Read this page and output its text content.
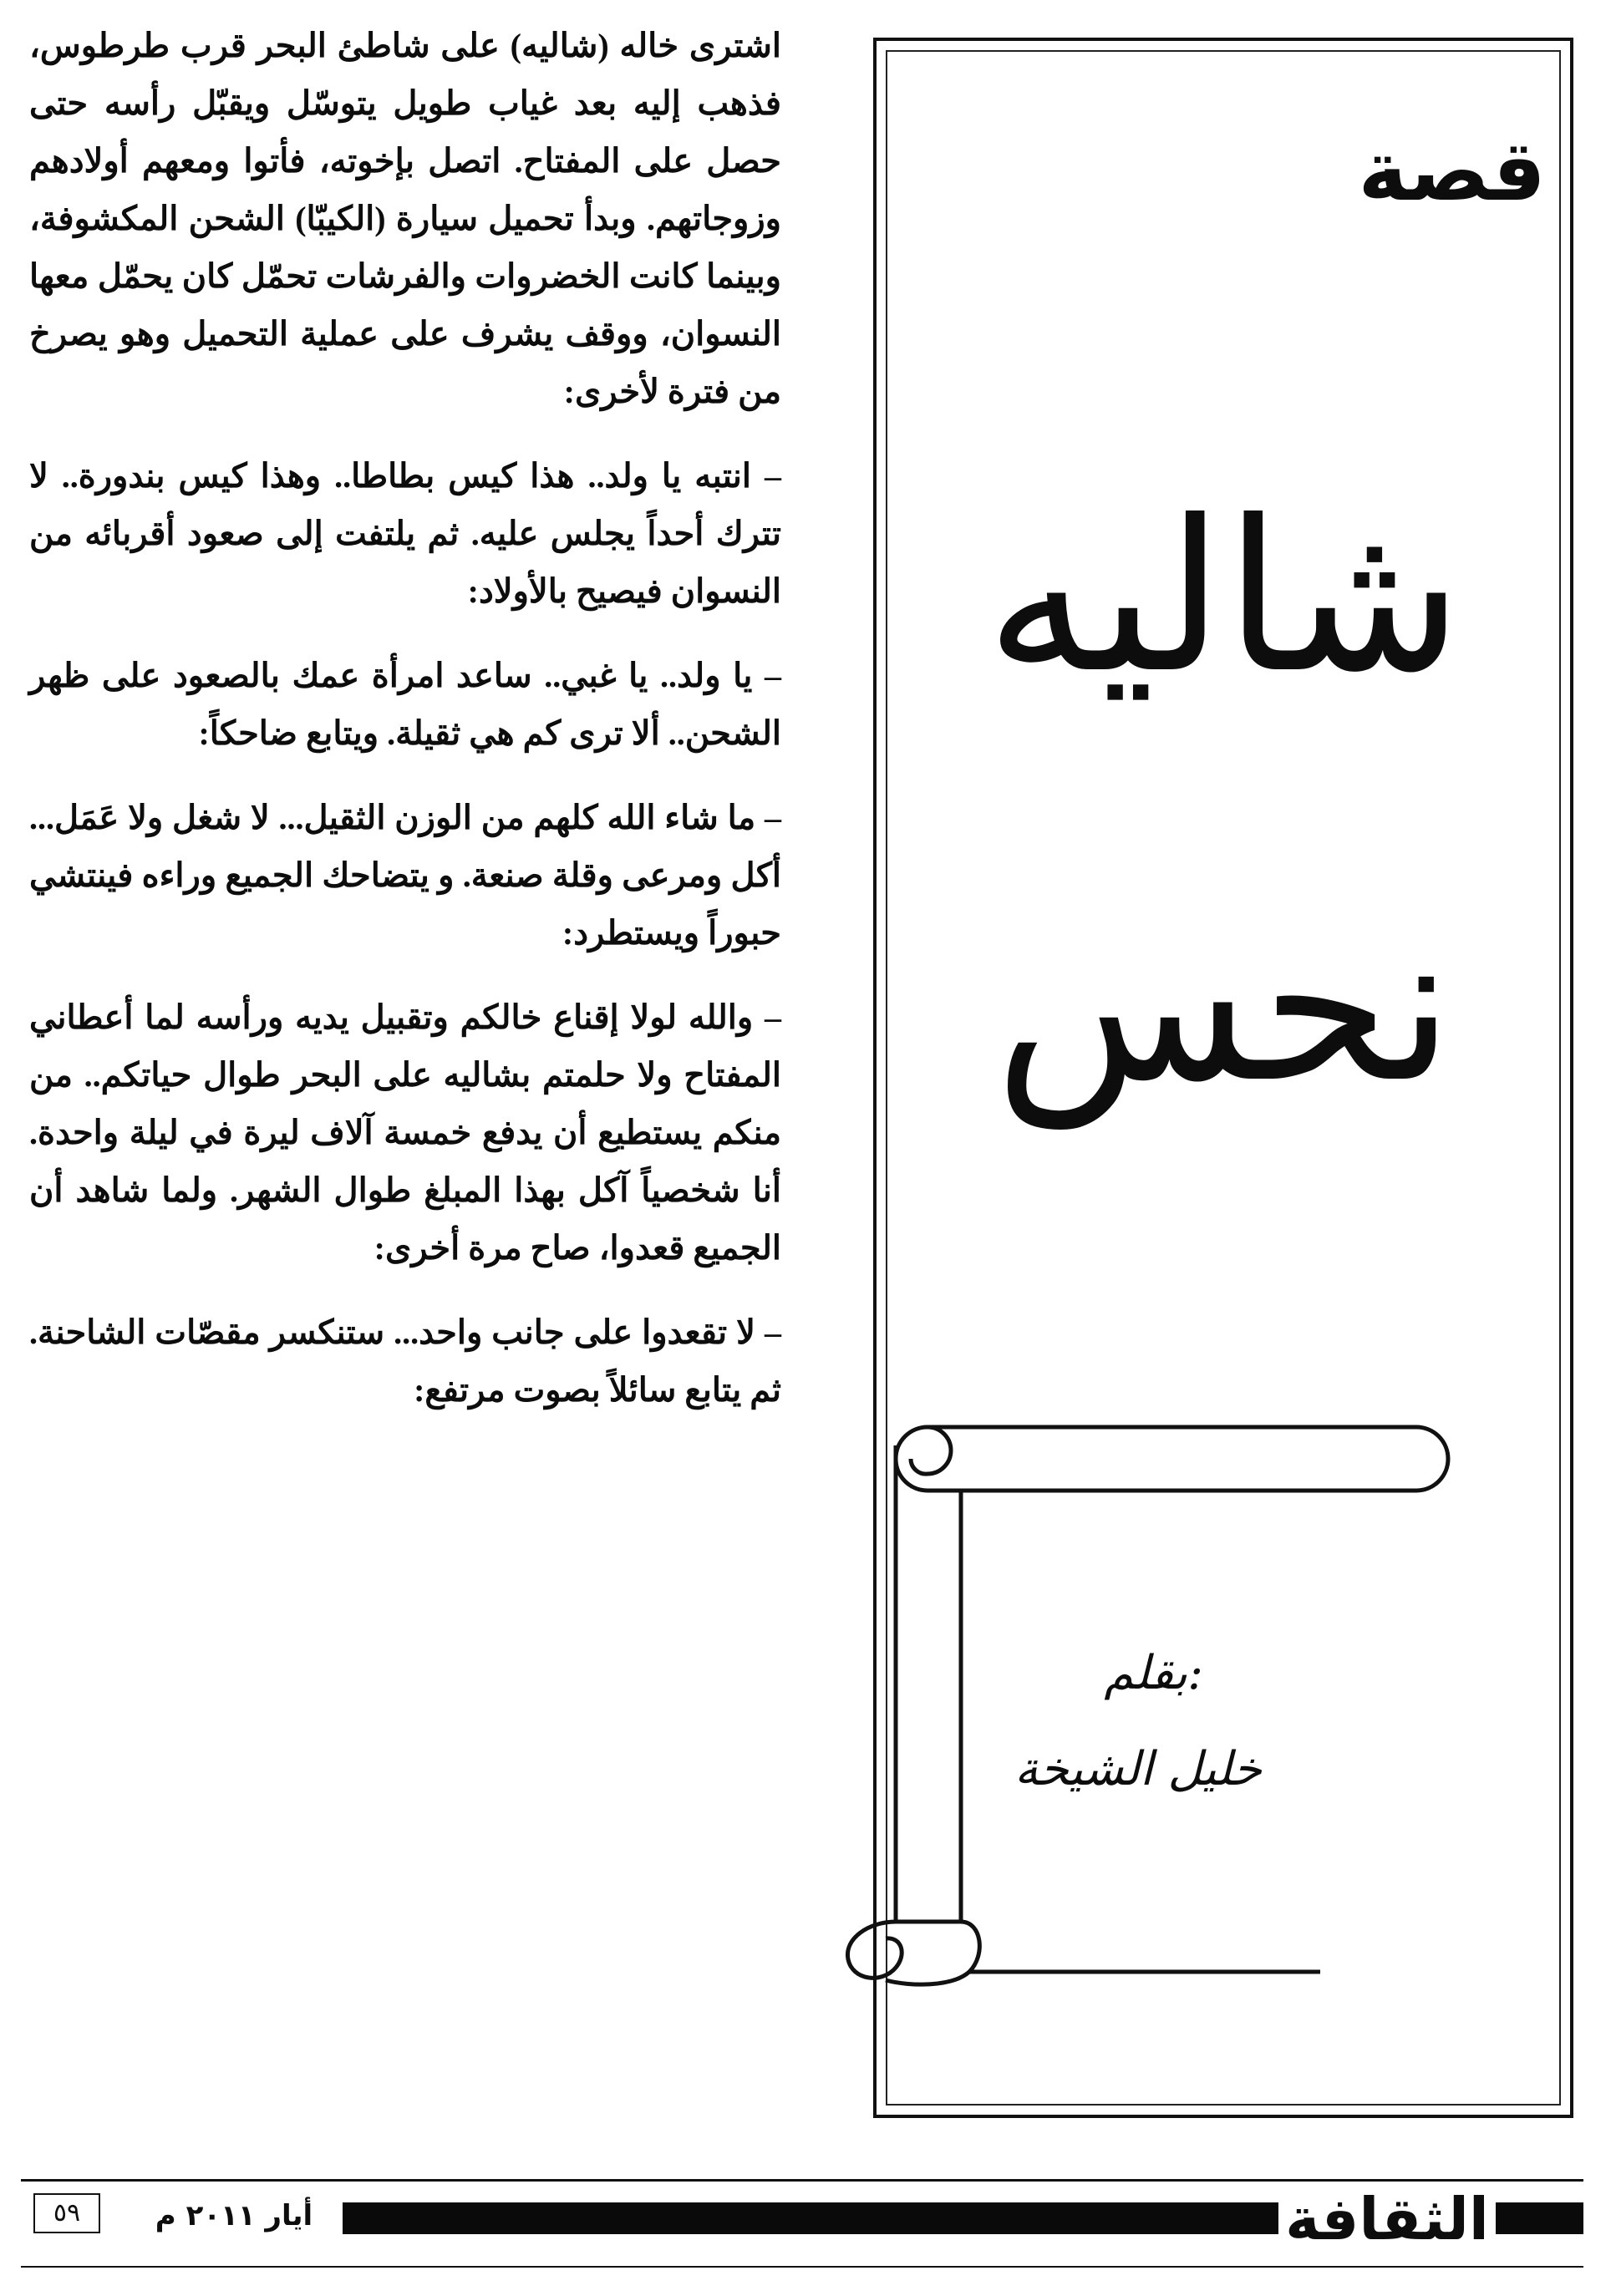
قصة
شاليه
نحس
بقلم:
خليل الشيخة

اشترى خاله (شاليه) على شاطئ البحر قرب طرطوس، فذهب إليه بعد غياب طويل يتوسّل ويقبّل رأسه حتى حصل على المفتاح. اتصل بإخوته، فأتوا ومعهم أولادهم وزوجاتهم. وبدأ تحميل سيارة (الكيبّا) الشحن المكشوفة، وبينما كانت الخضروات والفرشات تحمّل كان يحمّل معها النسوان، ووقف يشرف على عملية التحميل وهو يصرخ من فترة لأخرى:

– انتبه يا ولد.. هذا كيس بطاطا.. وهذا كيس بندورة.. لا تترك أحداً يجلس عليه. ثم يلتفت إلى صعود أقربائه من النسوان فيصيح بالأولاد:

– يا ولد.. يا غبي.. ساعد امرأة عمك بالصعود على ظهر الشحن.. ألا ترى كم هي ثقيلة. ويتابع ضاحكاً:

– ما شاء الله كلهم من الوزن الثقيل... لا شغل ولا عَمَل... أكل ومرعى وقلة صنعة. و يتضاحك الجميع وراءه فينتشي حبوراً ويستطرد:

– والله لولا إقناع خالكم وتقبيل يديه ورأسه لما أعطاني المفتاح ولا حلمتم بشاليه على البحر طوال حياتكم.. من منكم يستطيع أن يدفع خمسة آلاف ليرة في ليلة واحدة. أنا شخصياً آكل بهذا المبلغ طوال الشهر. ولما شاهد أن الجميع قعدوا، صاح مرة أخرى:

– لا تقعدوا على جانب واحد... ستنكسر مقصّات الشاحنة. ثم يتابع سائلاً بصوت مرتفع:

٥٩	أيار ٢٠١١ م	الثقافة
